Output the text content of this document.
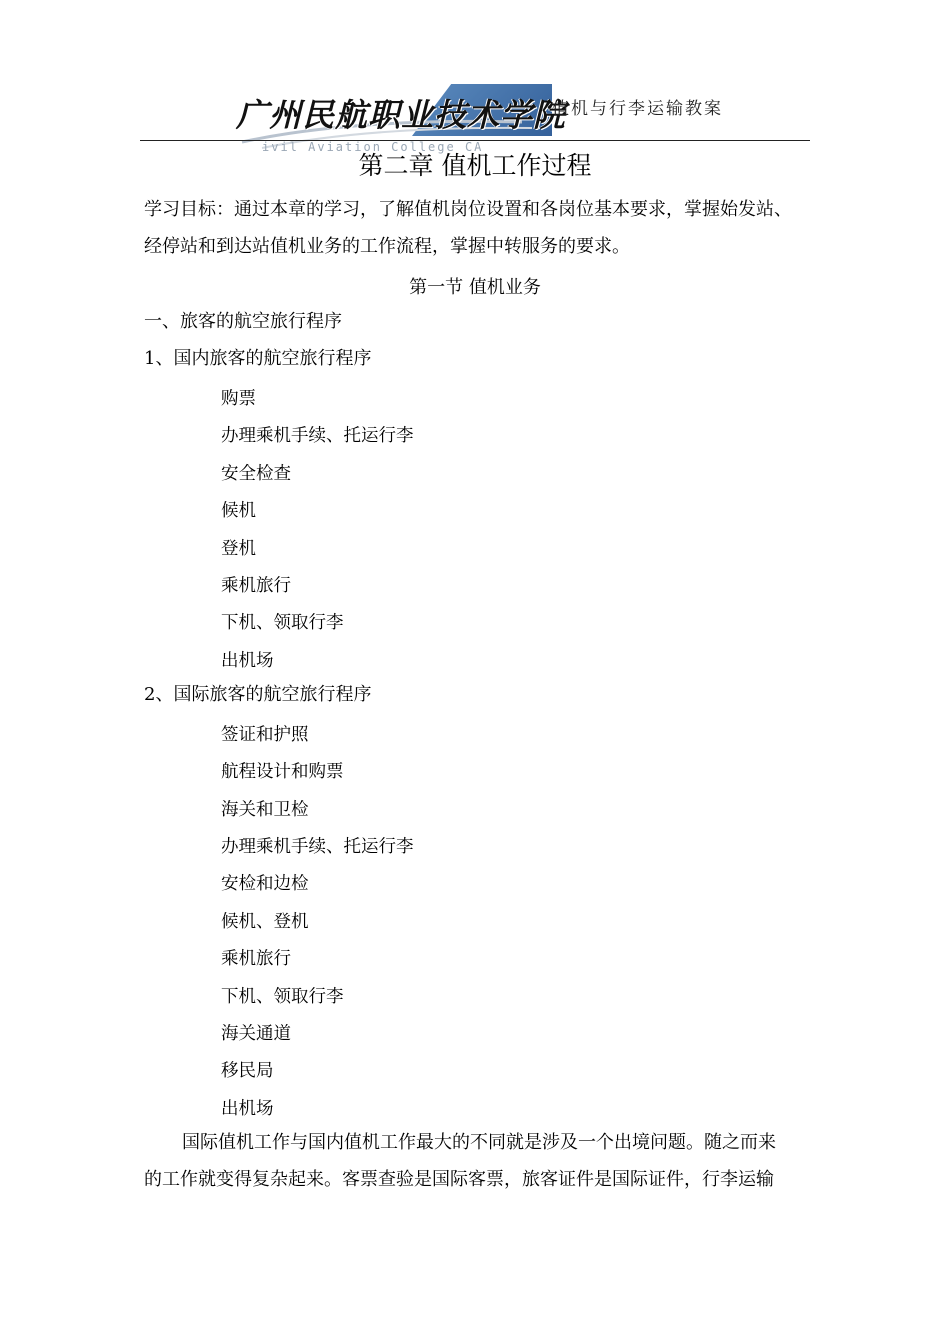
广州民航职业技术学院
ivil Aviation College CA
值机与行李运输教案
第二章 值机工作过程
学习目标：通过本章的学习，了解值机岗位设置和各岗位基本要求，掌握始发站、
经停站和到达站值机业务的工作流程，掌握中转服务的要求。
第一节 值机业务
一、旅客的航空旅行程序
1、国内旅客的航空旅行程序
购票
办理乘机手续、托运行李
安全检查
候机
登机
乘机旅行
下机、领取行李
出机场
2、国际旅客的航空旅行程序
签证和护照
航程设计和购票
海关和卫检
办理乘机手续、托运行李
安检和边检
候机、登机
乘机旅行
下机、领取行李
海关通道
移民局
出机场
国际值机工作与国内值机工作最大的不同就是涉及一个出境问题。随之而来
的工作就变得复杂起来。客票查验是国际客票，旅客证件是国际证件，行李运输
